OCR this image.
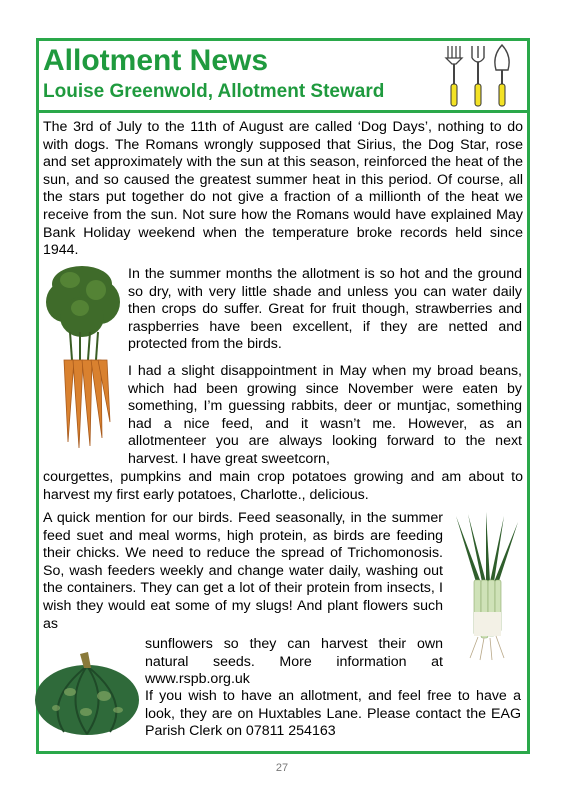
Allotment News
Louise Greenwold, Allotment Steward

The 3rd of July to the 11th of August are called ‘Dog Days’, nothing to do with dogs. The Romans wrongly supposed that Sirius, the Dog Star, rose and set approximately with the sun at this season, reinforced the heat of the sun, and so caused the greatest summer heat in this period. Of course, all the stars put together do not give a fraction of a millionth of the heat we receive from the sun. Not sure how the Romans would have explained May Bank Holiday weekend when the temperature broke records held since 1944.

In the summer months the allotment is so hot and the ground so dry, with very little shade and unless you can water daily then crops do suffer. Great for fruit though, strawberries and raspberries have been excellent, if they are netted and protected from the birds.

I had a slight disappointment in May when my broad beans, which had been growing since November were eaten by something, I’m guessing rabbits, deer or muntjac, something had a nice feed, and it wasn’t me. However, as an allotmenteer you are always looking forward to the next harvest. I have great sweetcorn,

courgettes, pumpkins and main crop potatoes growing and am about to harvest my first early potatoes, Charlotte., delicious.

A quick mention for our birds. Feed seasonally, in the summer feed suet and meal worms, high protein, as birds are feeding their chicks. We need to reduce the spread of Trichomonosis. So, wash feeders weekly and change water daily, washing out the containers. They can get a lot of their protein from insects, I wish they would eat some of my slugs! And plant flowers such as

sunflowers so they can harvest their own natural seeds. More information at www.rspb.org.uk

If you wish to have an allotment, and feel free to have a look, they are on Huxtables Lane. Please contact the EAG Parish Clerk on 07811 254163

27
